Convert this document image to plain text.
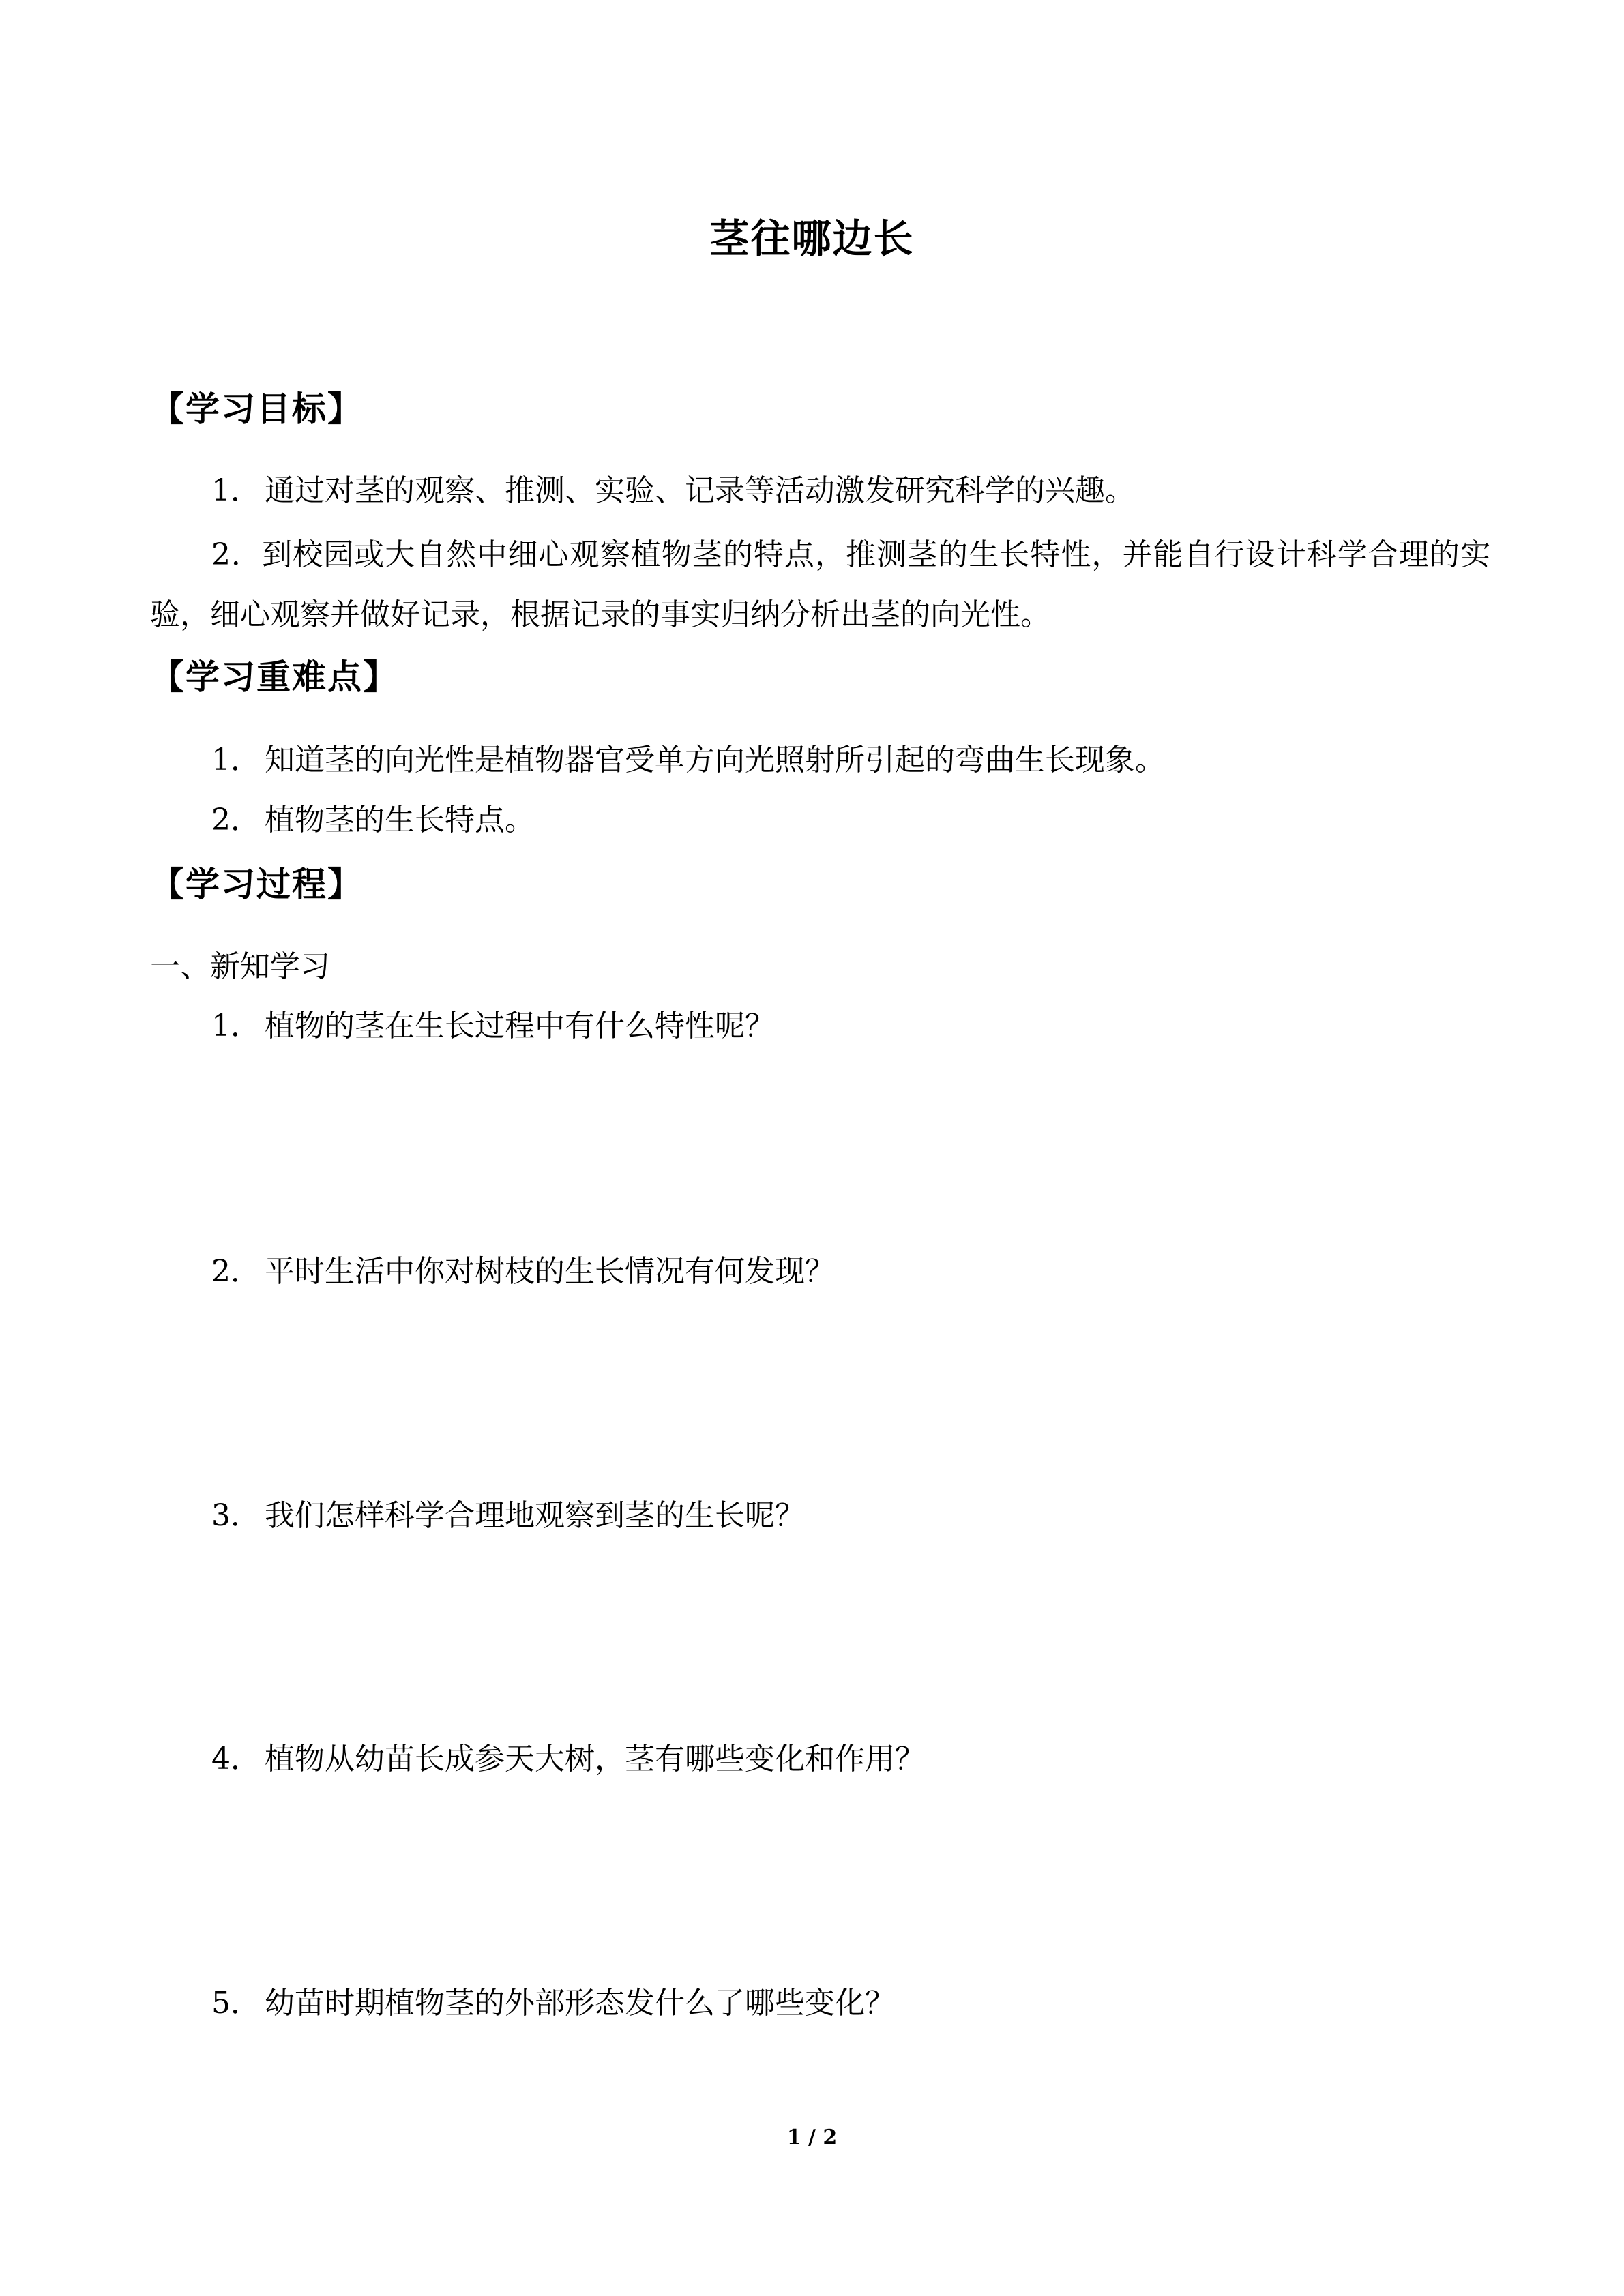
茎往哪边长
【学习目标】
1． 通过对茎的观察、推测、实验、记录等活动激发研究科学的兴趣。
2．到校园或大自然中细心观察植物茎的特点，推测茎的生长特性，并能自行设计科学合理的实验，细心观察并做好记录，根据记录的事实归纳分析出茎的向光性。
【学习重难点】
1． 知道茎的向光性是植物器官受单方向光照射所引起的弯曲生长现象。
2． 植物茎的生长特点。
【学习过程】
一、新知学习
1． 植物的茎在生长过程中有什么特性呢？
2． 平时生活中你对树枝的生长情况有何发现？
3． 我们怎样科学合理地观察到茎的生长呢？
4． 植物从幼苗长成参天大树，茎有哪些变化和作用？
5． 幼苗时期植物茎的外部形态发什么了哪些变化？
1 / 2
